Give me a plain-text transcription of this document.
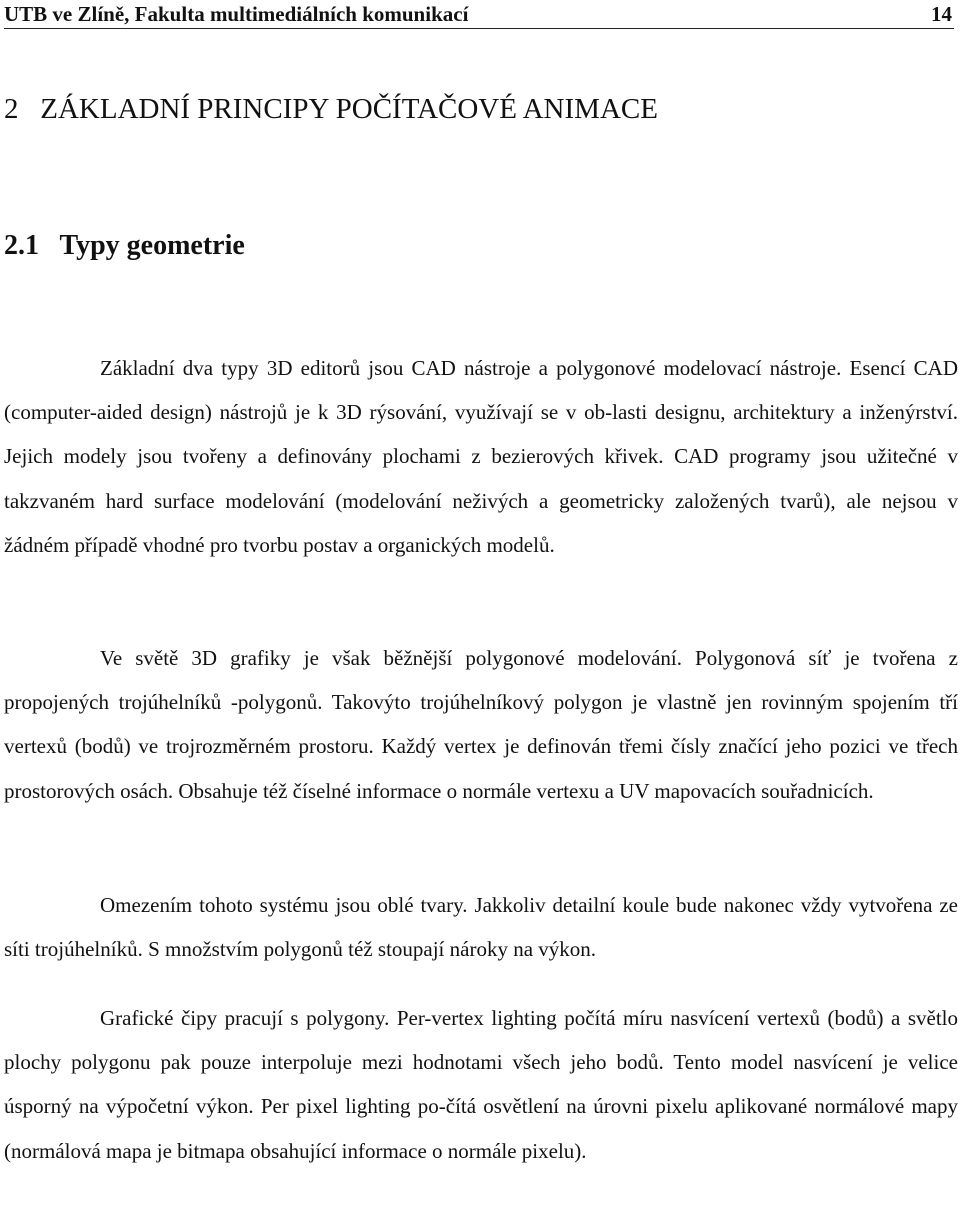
UTB ve Zlíně, Fakulta multimediálních komunikací	14
2   ZÁKLADNÍ PRINCIPY POČÍTAČOVÉ ANIMACE
2.1   Typy geometrie

Základní dva typy 3D editorů jsou CAD nástroje a polygonové modelovací nástroje. Esencí CAD (computer-aided design) nástrojů je k 3D rýsování, využívají se v ob-lasti designu, architektury a inženýrství. Jejich modely jsou tvořeny a definovány plochami z bezierových křivek. CAD programy jsou užitečné v takzvaném hard surface modelování (modelování neživých a geometricky založených tvarů), ale nejsou v žádném případě vhodné pro tvorbu postav a organických modelů.

Ve světě 3D grafiky je však běžnější polygonové modelování. Polygonová síť je tvořena z propojených trojúhelníků -polygonů. Takovýto trojúhelníkový polygon je vlastně jen rovinným spojením tří vertexů (bodů) ve trojrozměrném prostoru. Každý vertex je definován třemi čísly značící jeho pozici ve třech prostorových osách. Obsahuje též číselné informace o normále vertexu a UV mapovacích souřadnicích.

Omezením tohoto systému jsou oblé tvary. Jakkoliv detailní koule bude nakonec vždy vytvořena ze síti trojúhelníků. S množstvím polygonů též stoupají nároky na výkon.

Grafické čipy pracují s polygony. Per-vertex lighting počítá míru nasvícení vertexů (bodů) a světlo plochy polygonu pak pouze interpoluje mezi hodnotami všech jeho bodů. Tento model nasvícení je velice úsporný na výpočetní výkon. Per pixel lighting po-čítá osvětlení na úrovni pixelu aplikované normálové mapy (normálová mapa je bitmapa obsahující informace o normále pixelu).
